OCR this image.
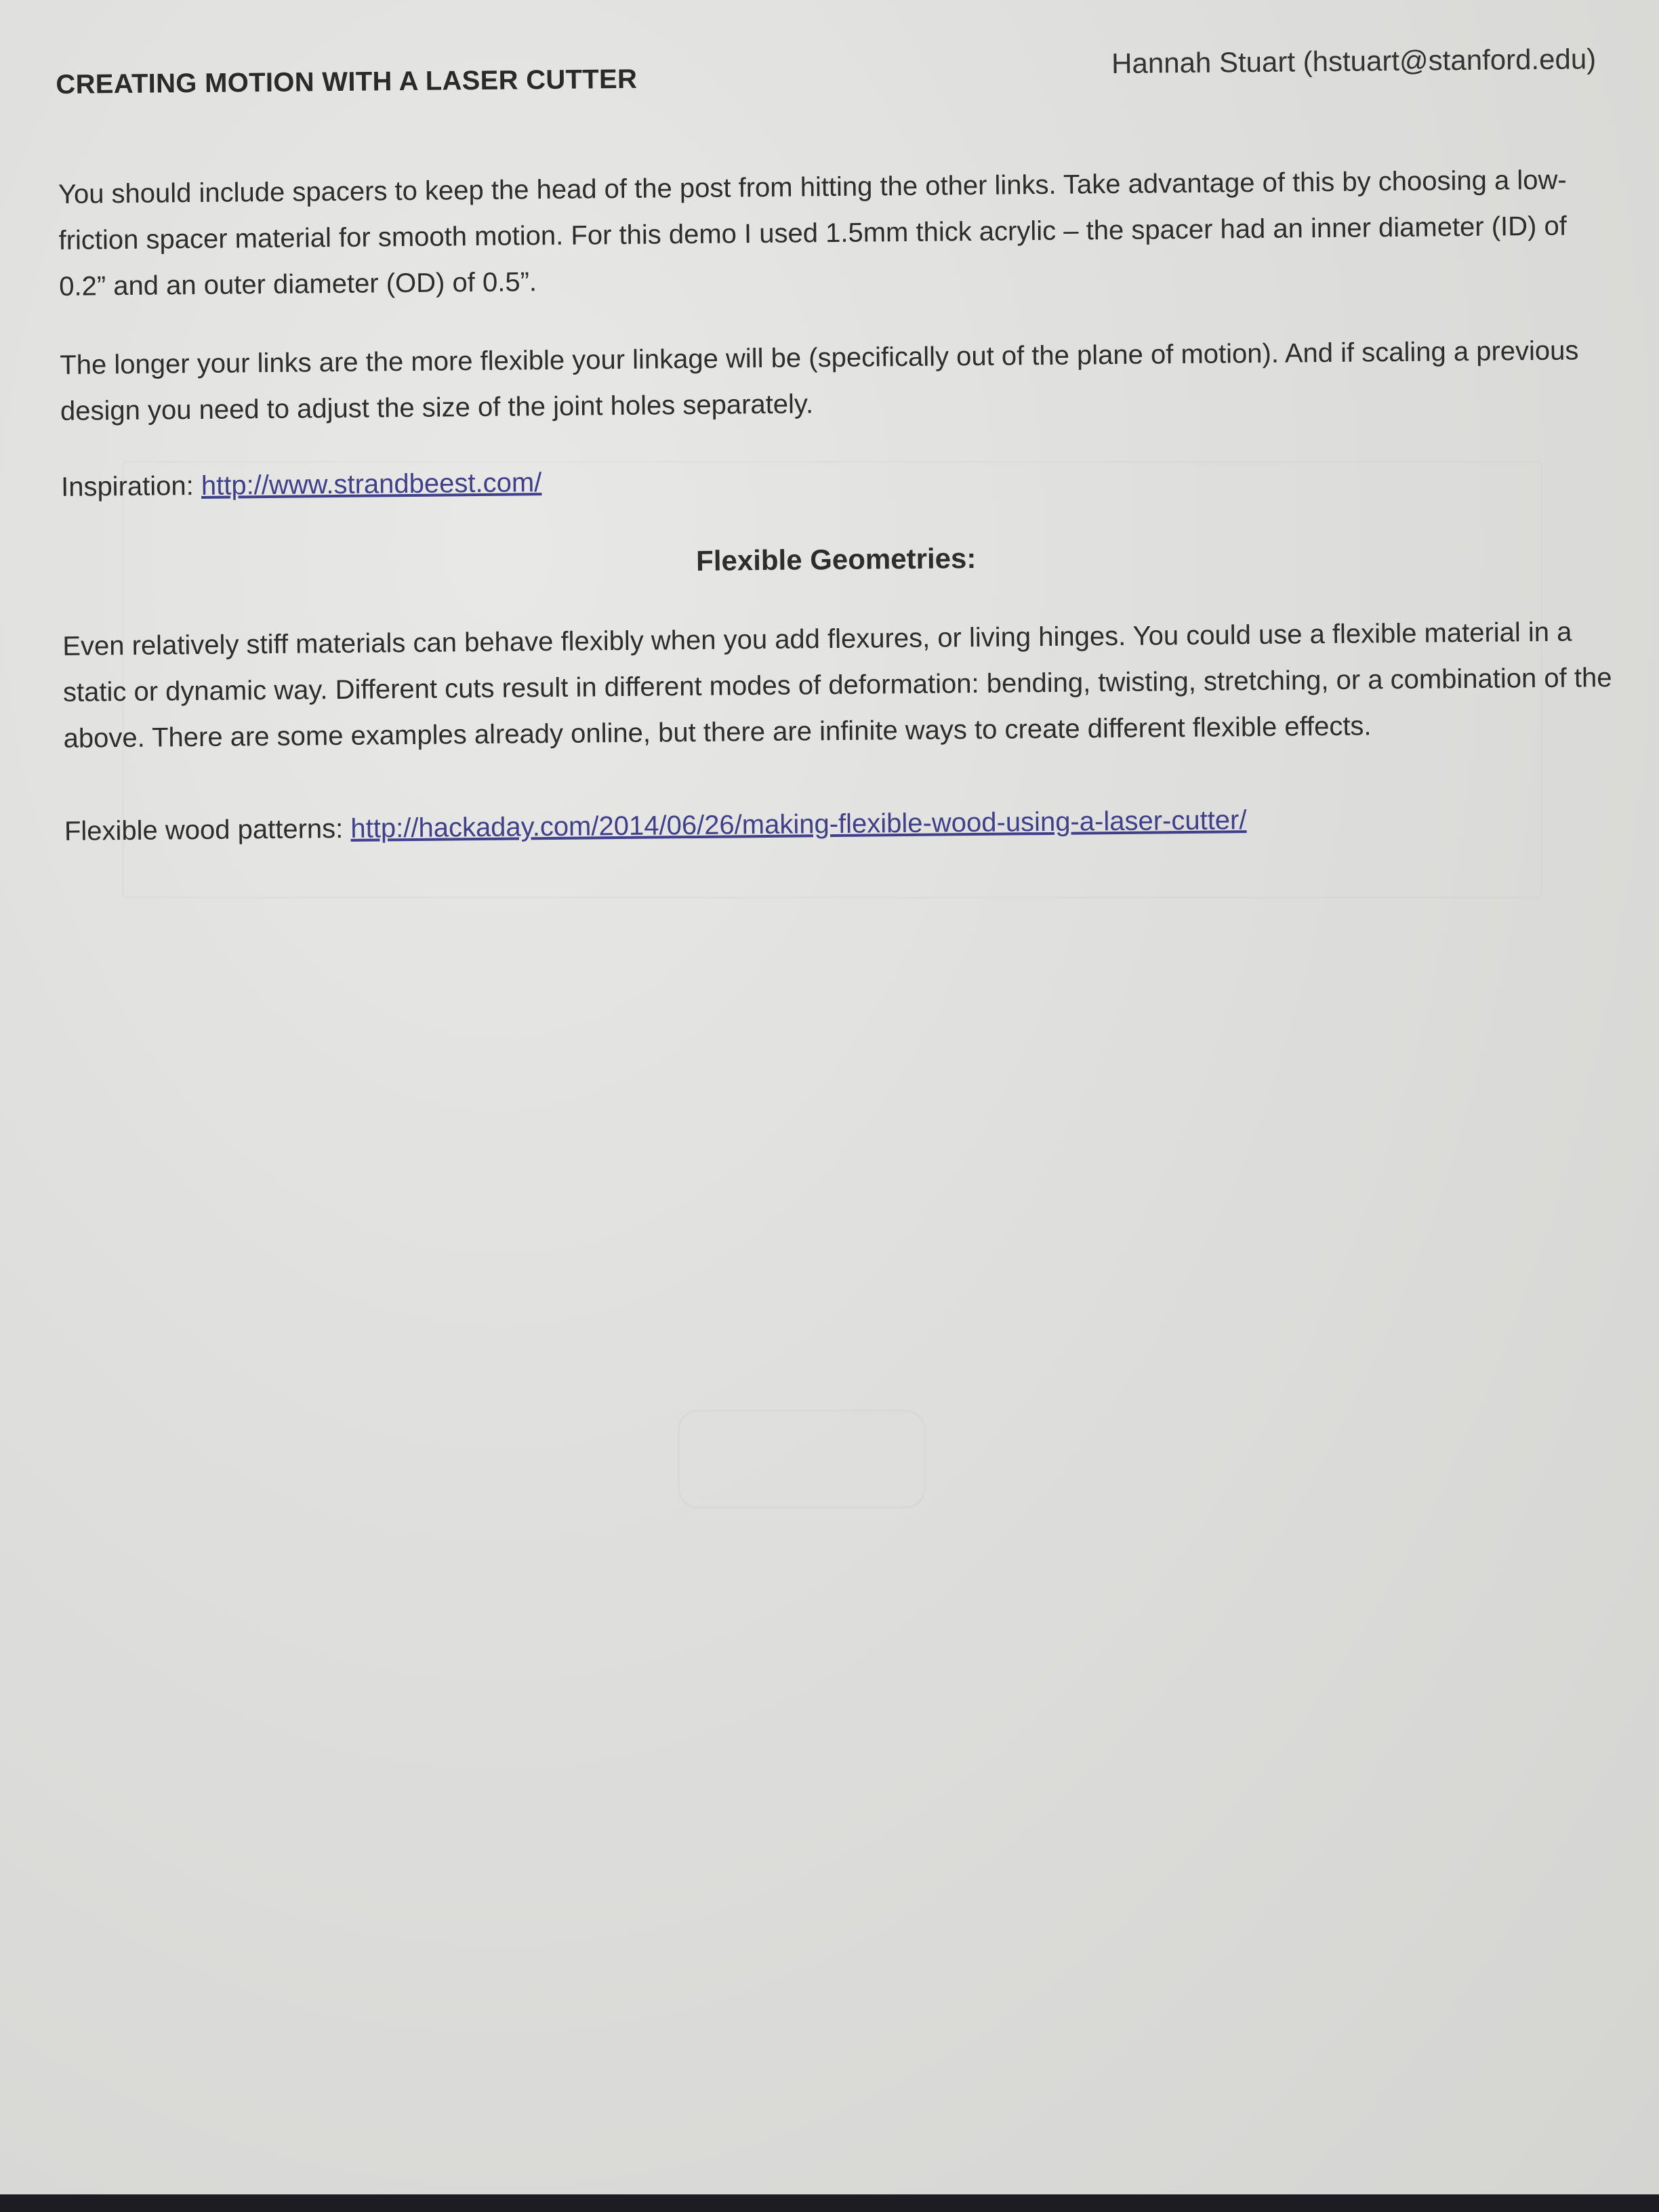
CREATING MOTION WITH A LASER CUTTER
Hannah Stuart (hstuart@stanford.edu)
You should include spacers to keep the head of the post from hitting the other links. Take advantage of this by choosing a low-friction spacer material for smooth motion. For this demo I used 1.5mm thick acrylic – the spacer had an inner diameter (ID) of 0.2” and an outer diameter (OD) of 0.5”.
The longer your links are the more flexible your linkage will be (specifically out of the plane of motion). And if scaling a previous design you need to adjust the size of the joint holes separately.
Inspiration: http://www.strandbeest.com/
Flexible Geometries:
Even relatively stiff materials can behave flexibly when you add flexures, or living hinges. You could use a flexible material in a static or dynamic way. Different cuts result in different modes of deformation: bending, twisting, stretching, or a combination of the above. There are some examples already online, but there are infinite ways to create different flexible effects.
Flexible wood patterns: http://hackaday.com/2014/06/26/making-flexible-wood-using-a-laser-cutter/
